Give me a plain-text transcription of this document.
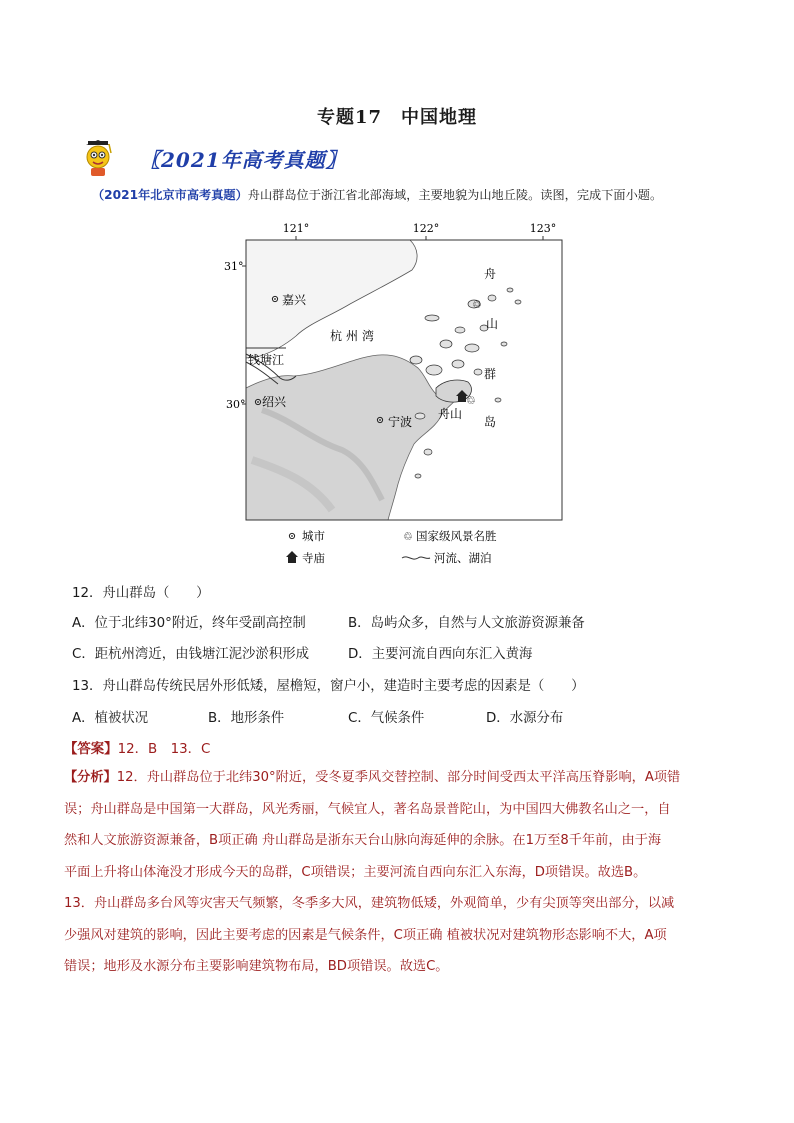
专题17　中国地理
〖2021年高考真题〗
（2021年北京市高考真题）舟山群岛位于浙江省北部海域，主要地貌为山地丘陵。读图，完成下面小题。
121°	122°	123°
31°
30°
♲
♲
嘉兴
杭州湾
钱塘江
绍兴
宁波
舟山
舟
山
群
岛
城市	♲ 国家级风景名胜
寺庙	河流、湖泊
12．舟山群岛（　　）
A．位于北纬30°附近，终年受副高控制	B．岛屿众多，自然与人文旅游资源兼备
C．距杭州湾近，由钱塘江泥沙淤积形成	D．主要河流自西向东汇入黄海
13．舟山群岛传统民居外形低矮，屋檐短，窗户小，建造时主要考虑的因素是（　　）
A．植被状况	B．地形条件	C．气候条件	D．水源分布
【答案】12．B　13．C

【分析】12．舟山群岛位于北纬30°附近，受冬夏季风交替控制、部分时间受西太平洋高压脊影响，A项错

误；舟山群岛是中国第一大群岛，风光秀丽，气候宜人，著名岛景普陀山，为中国四大佛教名山之一，自

然和人文旅游资源兼备，B项正确 舟山群岛是浙东天台山脉向海延伸的余脉。在1万至8千年前，由于海

平面上升将山体淹没才形成今天的岛群，C项错误；主要河流自西向东汇入东海，D项错误。故选B。

13．舟山群岛多台风等灾害天气频繁，冬季多大风，建筑物低矮，外观简单，少有尖顶等突出部分，以减

少强风对建筑的影响，因此主要考虑的因素是气候条件，C项正确 植被状况对建筑物形态影响不大，A项

错误；地形及水源分布主要影响建筑物布局，BD项错误。故选C。
